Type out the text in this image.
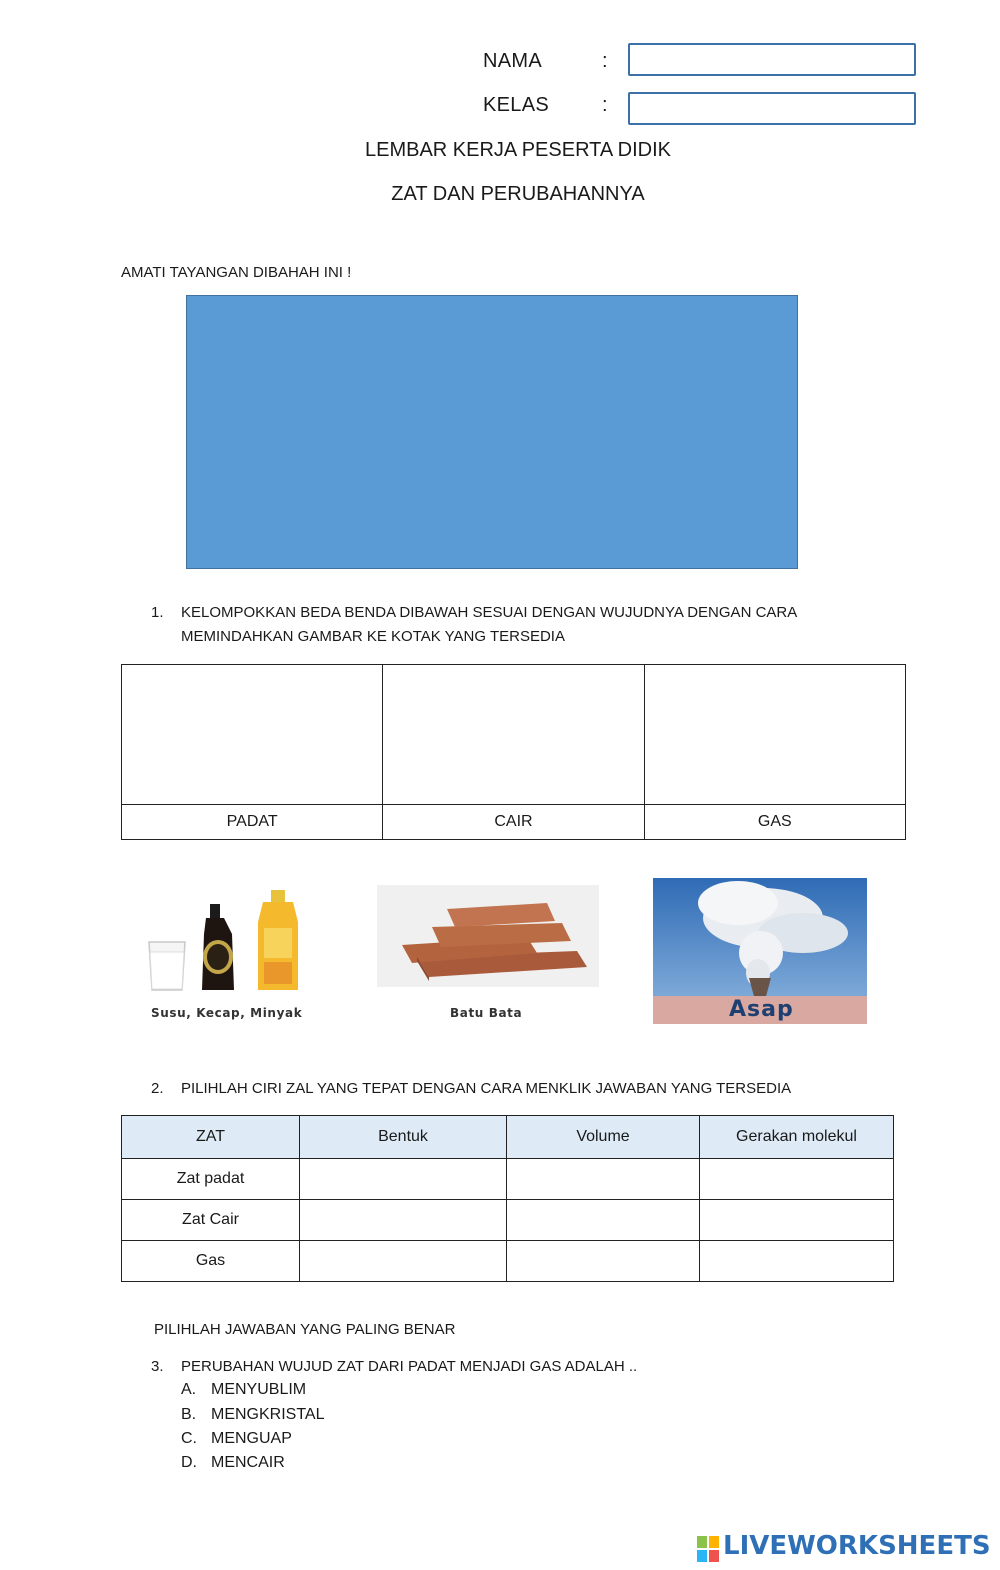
NAMA	:
KELAS	:
LEMBAR KERJA PESERTA DIDIK
ZAT DAN PERUBAHANNYA
AMATI TAYANGAN DIBAHAH INI !
1. KELOMPOKKAN BEDA BENDA DIBAWAH SESUAI DENGAN WUJUDNYA DENGAN CARA
MEMINDAHKAN GAMBAR KE KOTAK YANG TERSEDIA

PADAT	CAIR	GAS
Susu, Kecap, Minyak	Batu Bata	Asap
2. PILIHLAH CIRI ZAL YANG TEPAT DENGAN CARA MENKLIK JAWABAN YANG TERSEDIA
ZAT	Bentuk	Volume	Gerakan molekul
Zat padat			
Zat Cair			
Gas			
PILIHLAH JAWABAN YANG PALING BENAR
3. PERUBAHAN WUJUD ZAT DARI PADAT MENJADI GAS ADALAH ..
A. MENYUBLIM
B. MENGKRISTAL
C. MENGUAP
D. MENCAIR
LIVEWORKSHEETS
